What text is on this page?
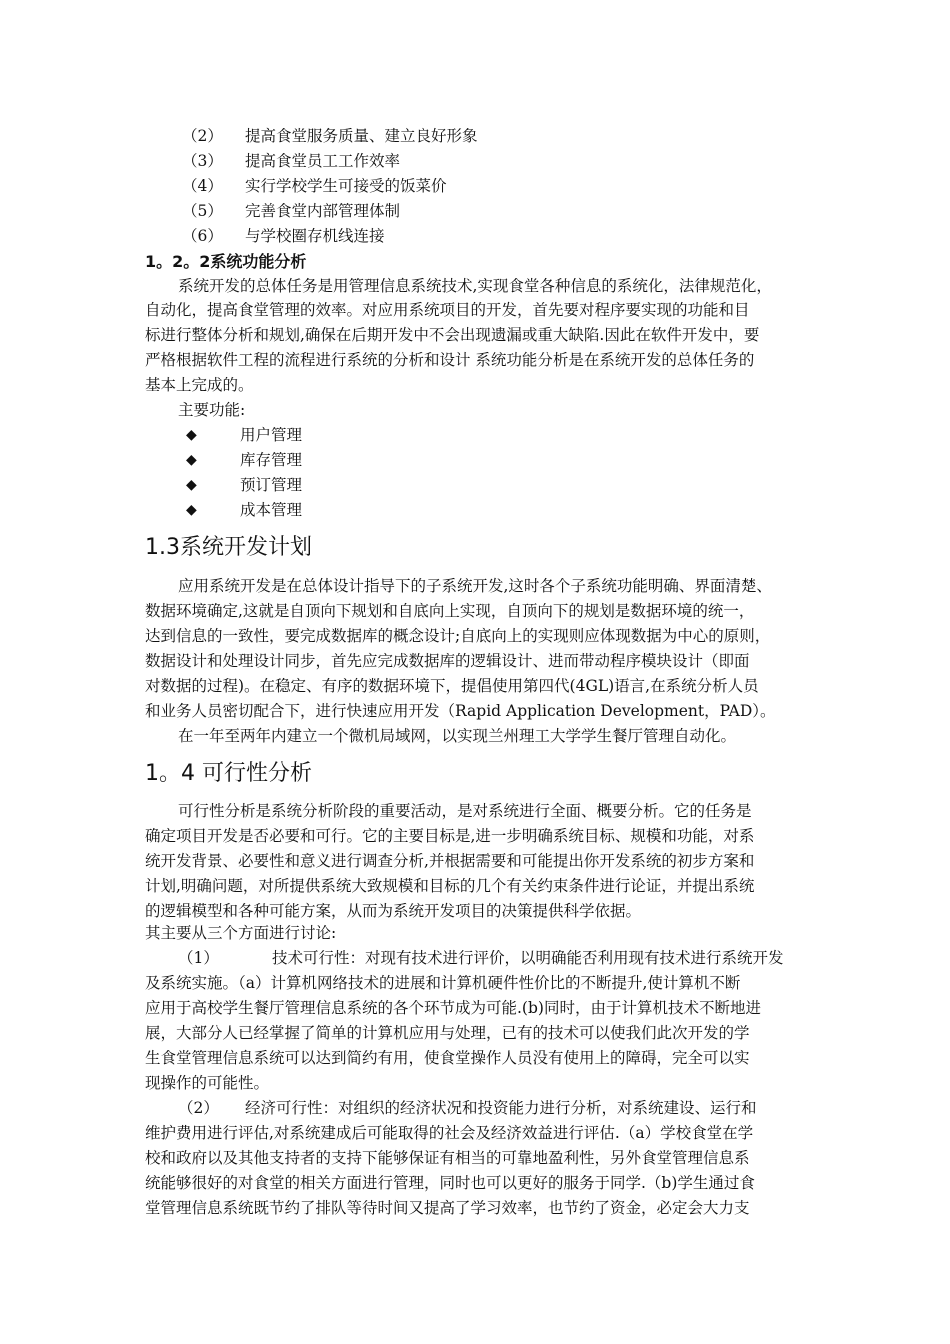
（2） 提高食堂服务质量、建立良好形象
（3） 提高食堂员工工作效率
（4） 实行学校学生可接受的饭菜价
（5） 完善食堂内部管理体制
（6） 与学校圈存机线连接
1。2。2系统功能分析
系统开发的总体任务是用管理信息系统技术,实现食堂各种信息的系统化，法律规范化，
自动化，提高食堂管理的效率。对应用系统项目的开发，首先要对程序要实现的功能和目
标进行整体分析和规划,确保在后期开发中不会出现遗漏或重大缺陷.因此在软件开发中，要
严格根据软件工程的流程进行系统的分析和设计 系统功能分析是在系统开发的总体任务的
基本上完成的。
主要功能:
◆	用户管理
◆	库存管理
◆	预订管理
◆	成本管理
1.3系统开发计划
应用系统开发是在总体设计指导下的子系统开发,这时各个子系统功能明确、界面清楚、
数据环境确定,这就是自顶向下规划和自底向上实现，自顶向下的规划是数据环境的统一，
达到信息的一致性，要完成数据库的概念设计;自底向上的实现则应体现数据为中心的原则，
数据设计和处理设计同步，首先应完成数据库的逻辑设计、进而带动程序模块设计（即面
对数据的过程)。在稳定、有序的数据环境下，提倡使用第四代(4GL)语言,在系统分析人员
和业务人员密切配合下，进行快速应用开发（Rapid Application Development，PAD）。
在一年至两年内建立一个微机局域网，以实现兰州理工大学学生餐厅管理自动化。
1。4 可行性分析
可行性分析是系统分析阶段的重要活动，是对系统进行全面、概要分析。它的任务是
确定项目开发是否必要和可行。它的主要目标是,进一步明确系统目标、规模和功能，对系
统开发背景、必要性和意义进行调查分析,并根据需要和可能提出你开发系统的初步方案和
计划,明确问题，对所提供系统大致规模和目标的几个有关约束条件进行论证，并提出系统
的逻辑模型和各种可能方案，从而为系统开发项目的决策提供科学依据。
其主要从三个方面进行讨论:
（1）	技术可行性：对现有技术进行评价，以明确能否利用现有技术进行系统开发
及系统实施。（a）计算机网络技术的进展和计算机硬件性价比的不断提升,使计算机不断
应用于高校学生餐厅管理信息系统的各个环节成为可能.(b)同时，由于计算机技术不断地进
展，大部分人已经掌握了简单的计算机应用与处理，已有的技术可以使我们此次开发的学
生食堂管理信息系统可以达到简约有用，使食堂操作人员没有使用上的障碍，完全可以实
现操作的可能性。
（2） 经济可行性：对组织的经济状况和投资能力进行分析，对系统建设、运行和
维护费用进行评估,对系统建成后可能取得的社会及经济效益进行评估.（a）学校食堂在学
校和政府以及其他支持者的支持下能够保证有相当的可靠地盈利性，另外食堂管理信息系
统能够很好的对食堂的相关方面进行管理，同时也可以更好的服务于同学.（b)学生通过食
堂管理信息系统既节约了排队等待时间又提高了学习效率，也节约了资金，必定会大力支
